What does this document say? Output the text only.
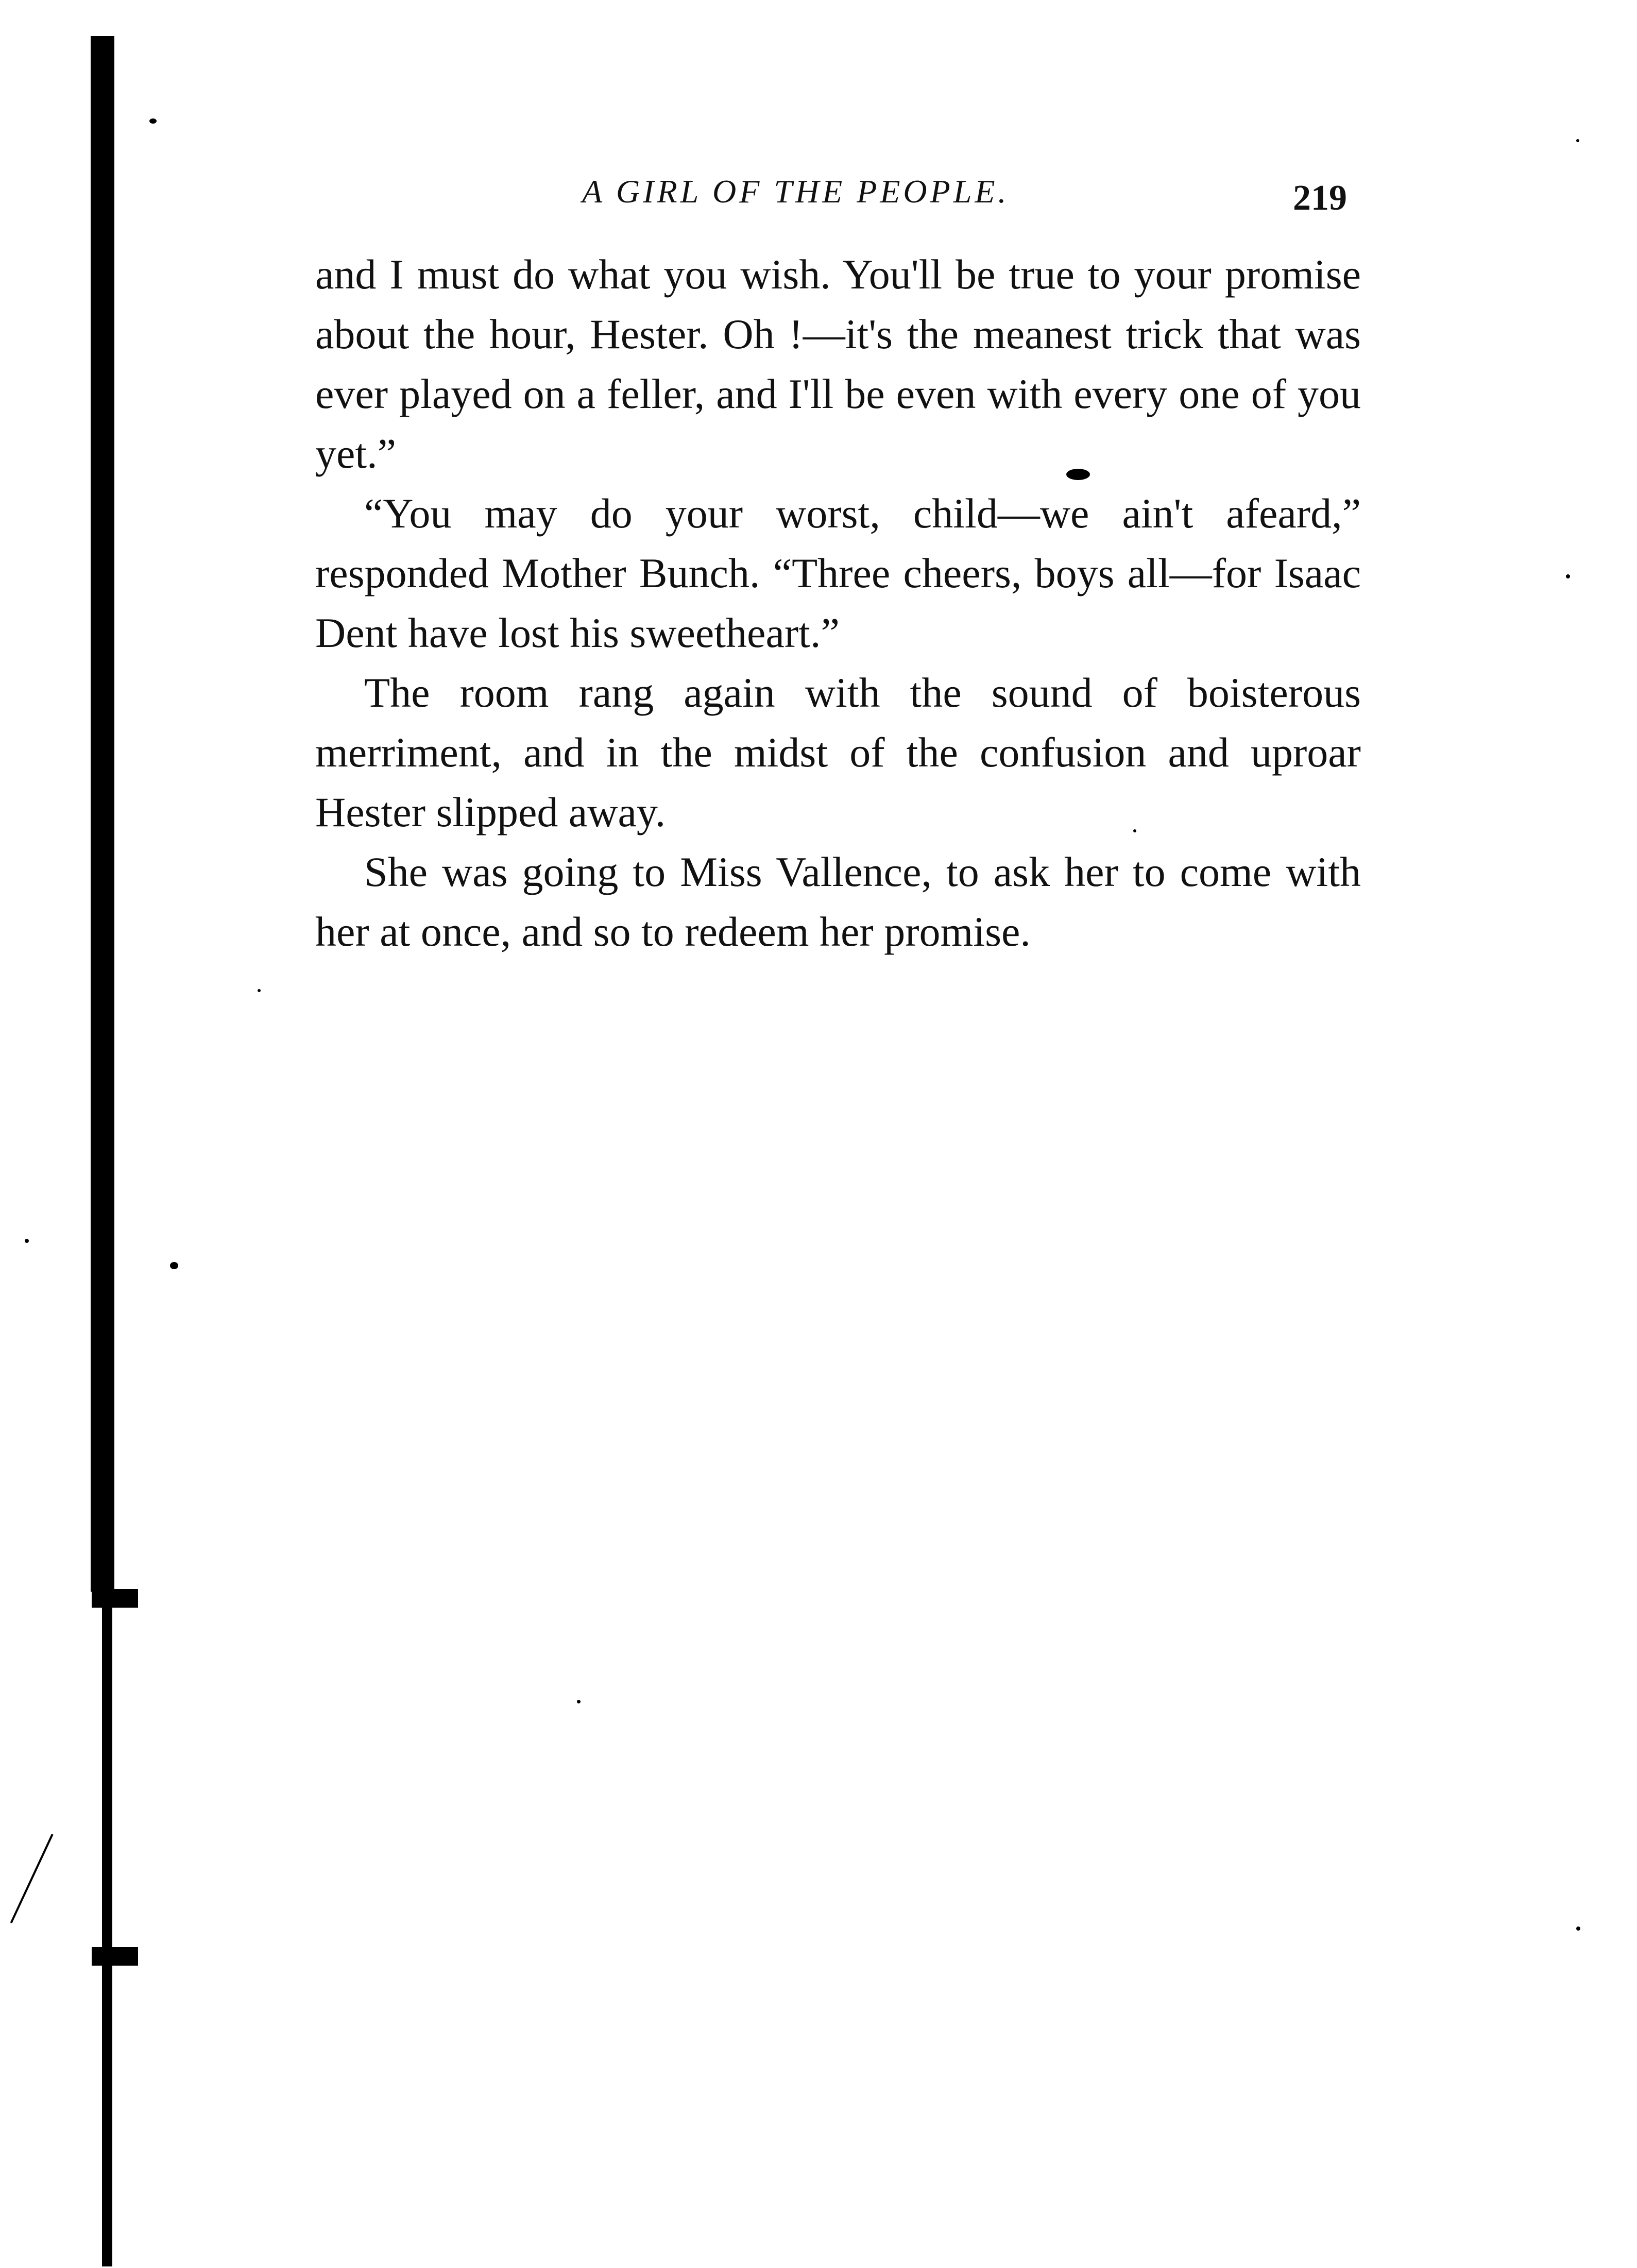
A GIRL OF THE PEOPLE.	219

and I must do what you wish. You'll be true to your promise about the hour, Hester. Oh !—it's the meanest trick that was ever played on a feller, and I'll be even with every one of you yet.”

“You may do your worst, child—we ain't afeard,” responded Mother Bunch. “Three cheers, boys all—for Isaac Dent have lost his sweetheart.”

The room rang again with the sound of boisterous merriment, and in the midst of the confusion and uproar Hester slipped away.

She was going to Miss Vallence, to ask her to come with her at once, and so to redeem her promise.
